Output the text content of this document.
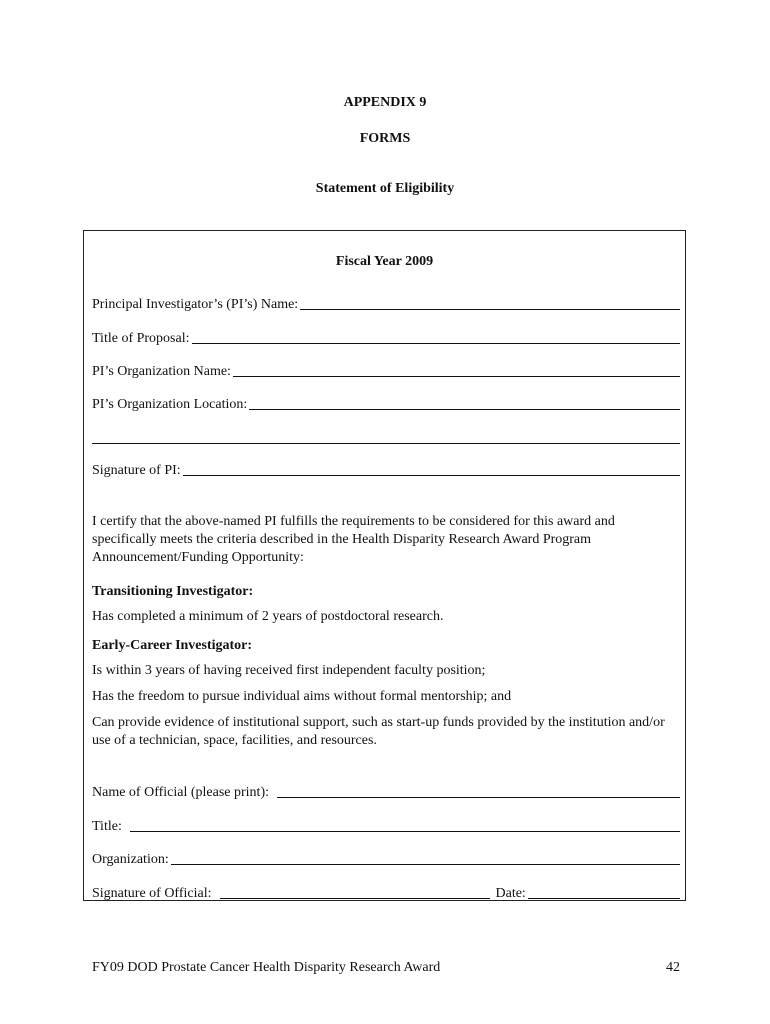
APPENDIX 9
FORMS
Statement of Eligibility
Fiscal Year 2009
Principal Investigator’s (PI’s) Name:
Title of Proposal:
PI’s Organization Name:
PI’s Organization Location:
Signature of PI:
I certify that the above-named PI fulfills the requirements to be considered for this award and specifically meets the criteria described in the Health Disparity Research Award Program Announcement/Funding Opportunity:
Transitioning Investigator:
Has completed a minimum of 2 years of postdoctoral research.
Early-Career Investigator:
Is within 3 years of having received first independent faculty position;
Has the freedom to pursue individual aims without formal mentorship; and
Can provide evidence of institutional support, such as start-up funds provided by the institution and/or use of a technician, space, facilities, and resources.
Name of Official (please print):
Title:
Organization:
Signature of Official:	Date:
FY09 DOD Prostate Cancer Health Disparity Research Award	42
